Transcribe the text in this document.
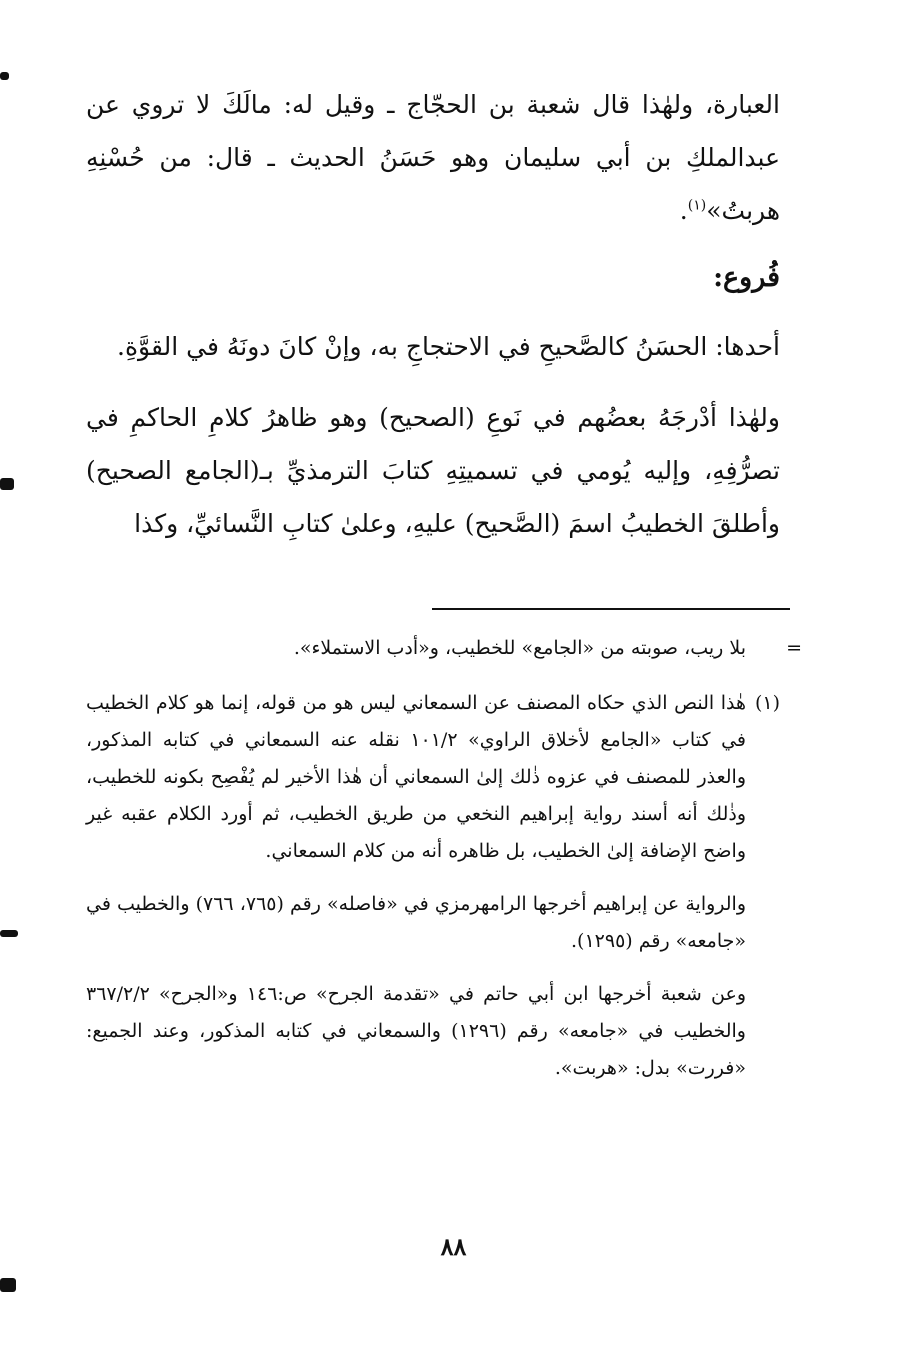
العبارة، ولهٰذا قال شعبة بن الحجّاج ـ وقيل له: مالَكَ لا تروي عن عبدالملكِ بن أبي سليمان وهو حَسَنُ الحديث ـ قال: من حُسْنِهِ هربتُ»$^{(١)}$.

فُروع:

أحدها: الحسَنُ كالصَّحيحِ في الاحتجاجِ به، وإنْ كانَ دونَهُ في القوَّةِ.

ولهٰذا أدْرجَهُ بعضُهم في نَوعِ (الصحيح) وهو ظاهرُ كلامِ الحاكمِ في تصرُّفِهِ، وإليه يُومي في تسميتِهِ كتابَ الترمذيِّ بـ(الجامع الصحيح) وأطلقَ الخطيبُ اسمَ (الصَّحيح) عليهِ، وعلىٰ كتابِ النَّسائيِّ، وكذا

=
بلا ريب، صوبته من «الجامع» للخطيب، و«أدب الاستملاء».

(١)
هٰذا النص الذي حكاه المصنف عن السمعاني ليس هو من قوله، إنما هو كلام الخطيب في كتاب «الجامع لأخلاق الراوي» ١٠١/٢ نقله عنه السمعاني في كتابه المذكور، والعذر للمصنف في عزوه ذٰلك إلىٰ السمعاني أن هٰذا الأخير لم يُفْصِح بكونه للخطيب، وذٰلك أنه أسند رواية إبراهيم النخعي من طريق الخطيب، ثم أورد الكلام عقبه غير واضح الإضافة إلىٰ الخطيب، بل ظاهره أنه من كلام السمعاني.

والرواية عن إبراهيم أخرجها الرامهرمزي في «فاصله» رقم (٧٦٥، ٧٦٦) والخطيب في «جامعه» رقم (١٢٩٥).

وعن شعبة أخرجها ابن أبي حاتم في «تقدمة الجرح» ص:١٤٦ و«الجرح» ٣٦٧/٢/٢ والخطيب في «جامعه» رقم (١٢٩٦) والسمعاني في كتابه المذكور، وعند الجميع: «فررت» بدل: «هربت».

٨٨
